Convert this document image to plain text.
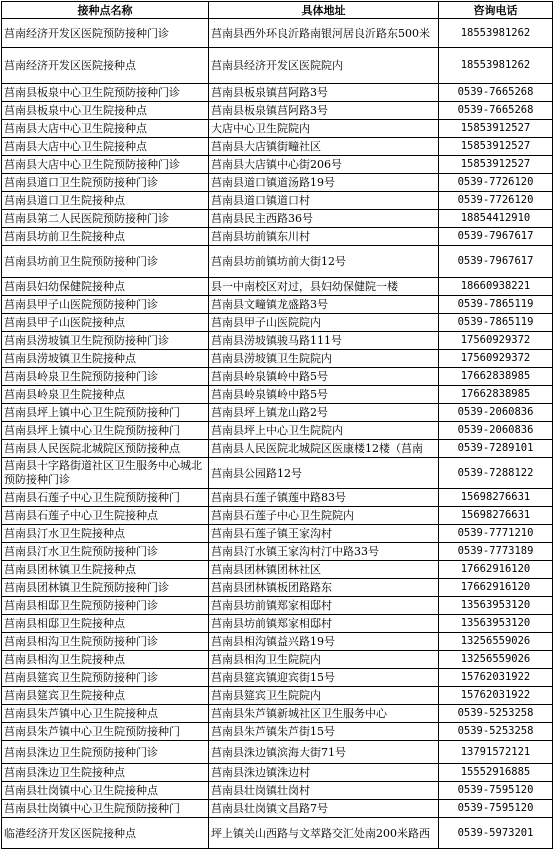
接种点名称	具体地址	咨询电话
莒南经济开发区医院预防接种门诊	莒南县西外环良沂路南银河居良沂路东500米	18553981262
莒南经济开发区医院接种点	莒南县经济开发区医院院内	18553981262
莒南县板泉中心卫生院预防接种门诊	莒南县板泉镇莒阿路3号	0539-7665268
莒南县板泉中心卫生院接种点	莒南县板泉镇莒阿路3号	0539-7665268
莒南县大店中心卫生院接种点	大店中心卫生院院内	15853912527
莒南县大店中心卫生院接种点	莒南县大店镇街疃社区	15853912527
莒南县大店中心卫生院预防接种门诊	莒南县大店镇中心街206号	15853912527
莒南县道口卫生院预防接种门诊	莒南县道口镇道汤路19号	0539-7726120
莒南县道口卫生院接种点	莒南县道口镇道口村	0539-7726120
莒南县第二人民医院预防接种门诊	莒南县民主西路36号	18854412910
莒南县坊前卫生院接种点	莒南县坊前镇东川村	0539-7967617
莒南县坊前卫生院预防接种门诊	莒南县坊前镇坊前大街12号	0539-7967617
莒南县妇幼保健院接种点	县一中南校区对过，县妇幼保健院一楼	18660938221
莒南县甲子山医院预防接种门诊	莒南县文疃镇龙盛路3号	0539-7865119
莒南县甲子山医院接种点	莒南县甲子山医院院内	0539-7865119
莒南县涝坡镇卫生院预防接种门诊	莒南县涝坡镇骏马路111号	17560929372
莒南县涝坡镇卫生院接种点	莒南县涝坡镇卫生院院内	17560929372
莒南县岭泉卫生院预防接种门诊	莒南县岭泉镇岭中路5号	17662838985
莒南县岭泉卫生院接种点	莒南县岭泉镇岭中路5号	17662838985
莒南县坪上镇中心卫生院预防接种门	莒南县坪上镇龙山路2号	0539-2060836
莒南县坪上镇中心卫生院预防接种门	莒南县坪上中心卫生院院内	0539-2060836
莒南县人民医院北城院区预防接种点	莒南县人民医院北城院区医康楼12楼（莒南	0539-7289101
莒南县十字路街道社区卫生服务中心城北预防接种门诊	莒南县公园路12号	0539-7288122
莒南县石莲子中心卫生院预防接种门	莒南县石莲子镇莲中路83号	15698276631
莒南县石莲子中心卫生院接种点	莒南县石莲子中心卫生院院内	15698276631
莒南县汀水卫生院接种点	莒南县石莲子镇王家沟村	0539-7771210
莒南县汀水卫生院预防接种门诊	莒南县汀水镇王家沟村汀中路33号	0539-7773189
莒南县团林镇卫生院接种点	莒南县团林镇团林社区	17662916120
莒南县团林镇卫生院预防接种门诊	莒南县团林镇板团路路东	17662916120
莒南县相邸卫生院预防接种门诊	莒南县坊前镇郑家相邸村	13563953120
莒南县相邸卫生院接种点	莒南县坊前镇郑家相邸村	13563953120
莒南县相沟卫生院预防接种门诊	莒南县相沟镇益兴路19号	13256559026
莒南县相沟卫生院接种点	莒南县相沟卫生院院内	13256559026
莒南县筵宾卫生院预防接种门诊	莒南县筵宾镇迎宾街15号	15762031922
莒南县筵宾卫生院接种点	莒南县筵宾卫生院院内	15762031922
莒南县朱芦镇中心卫生院接种点	莒南县朱芦镇新城社区卫生服务中心	0539-5253258
莒南县朱芦镇中心卫生院预防接种门	莒南县朱芦镇朱芦街15号	0539-5253258
莒南县洙边卫生院预防接种门诊	莒南县洙边镇滨海大街71号	13791572121
莒南县洙边卫生院接种点	莒南县洙边镇洙边村	15552916885
莒南县壮岗镇中心卫生院接种点	莒南县壮岗镇壮岗村	0539-7595120
莒南县壮岗镇中心卫生院预防接种门	莒南县壮岗镇文昌路7号	0539-7595120
临港经济开发区医院接种点	坪上镇关山西路与文萃路交汇处南200米路西	0539-5973201
